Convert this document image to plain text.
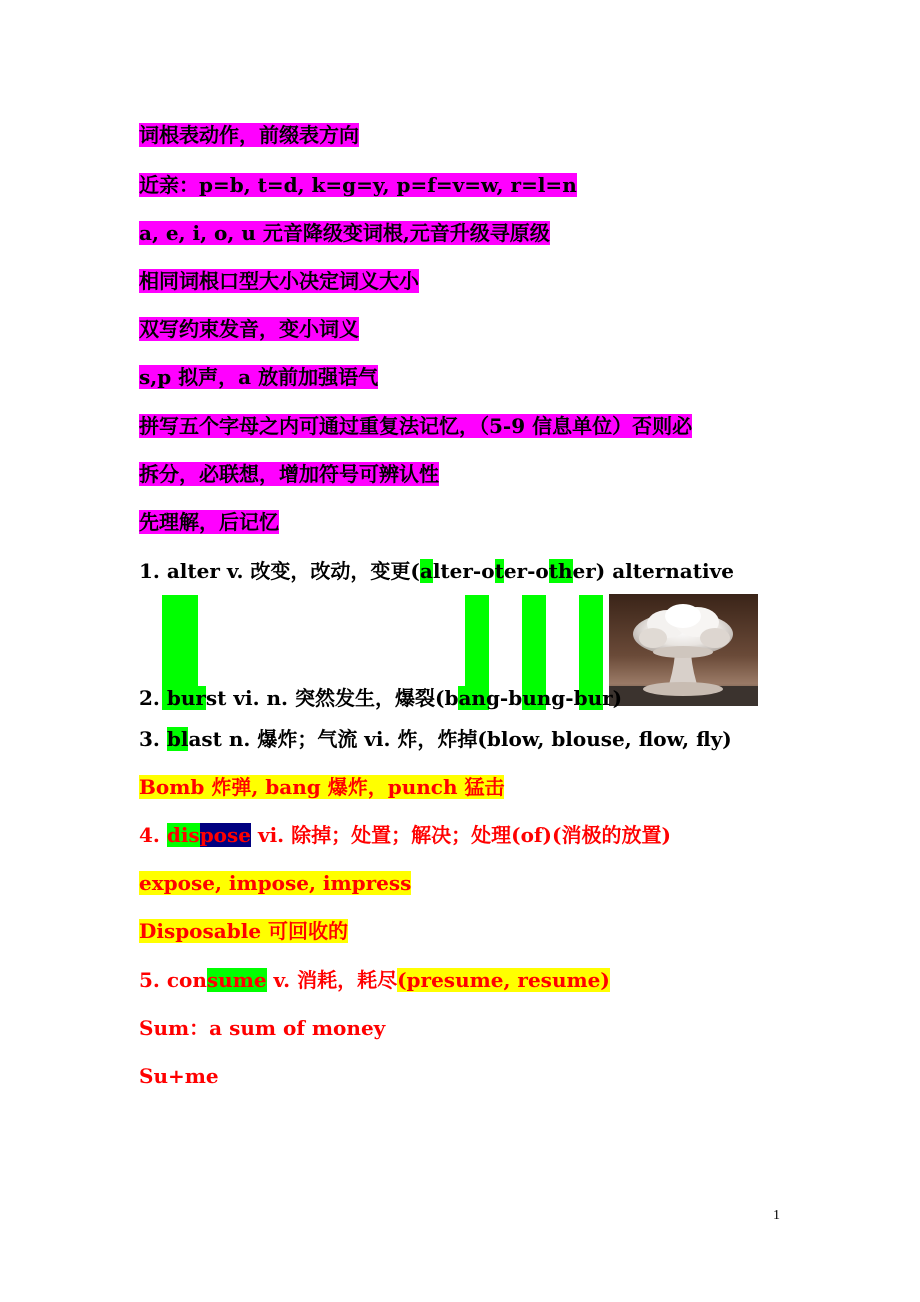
词根表动作，前缀表方向
近亲：p=b, t=d, k=g=y, p=f=v=w, r=l=n
a, e, i, o, u 元音降级变词根,元音升级寻原级
相同词根口型大小决定词义大小
双写约束发音，变小词义
s,p 拟声，a 放前加强语气
拼写五个字母之内可通过重复法记忆，（5-9 信息单位）否则必
拆分，必联想，增加符号可辨认性
先理解，后记忆
1. alter v. 改变，改动，变更(alter-oter-other) alternative
2. burst vi. n. 突然发生，爆裂(bang-bung-bur)
3. blast n. 爆炸；气流 vi. 炸，炸掉(blow, blouse, flow, fly)
Bomb 炸弹, bang 爆炸，punch 猛击
4. dispose vi. 除掉；处置；解决；处理(of)(消极的放置)
expose, impose, impress
Disposable 可回收的
5. consume v. 消耗，耗尽(presume, resume)
Sum：a sum of money
Su+me
1
